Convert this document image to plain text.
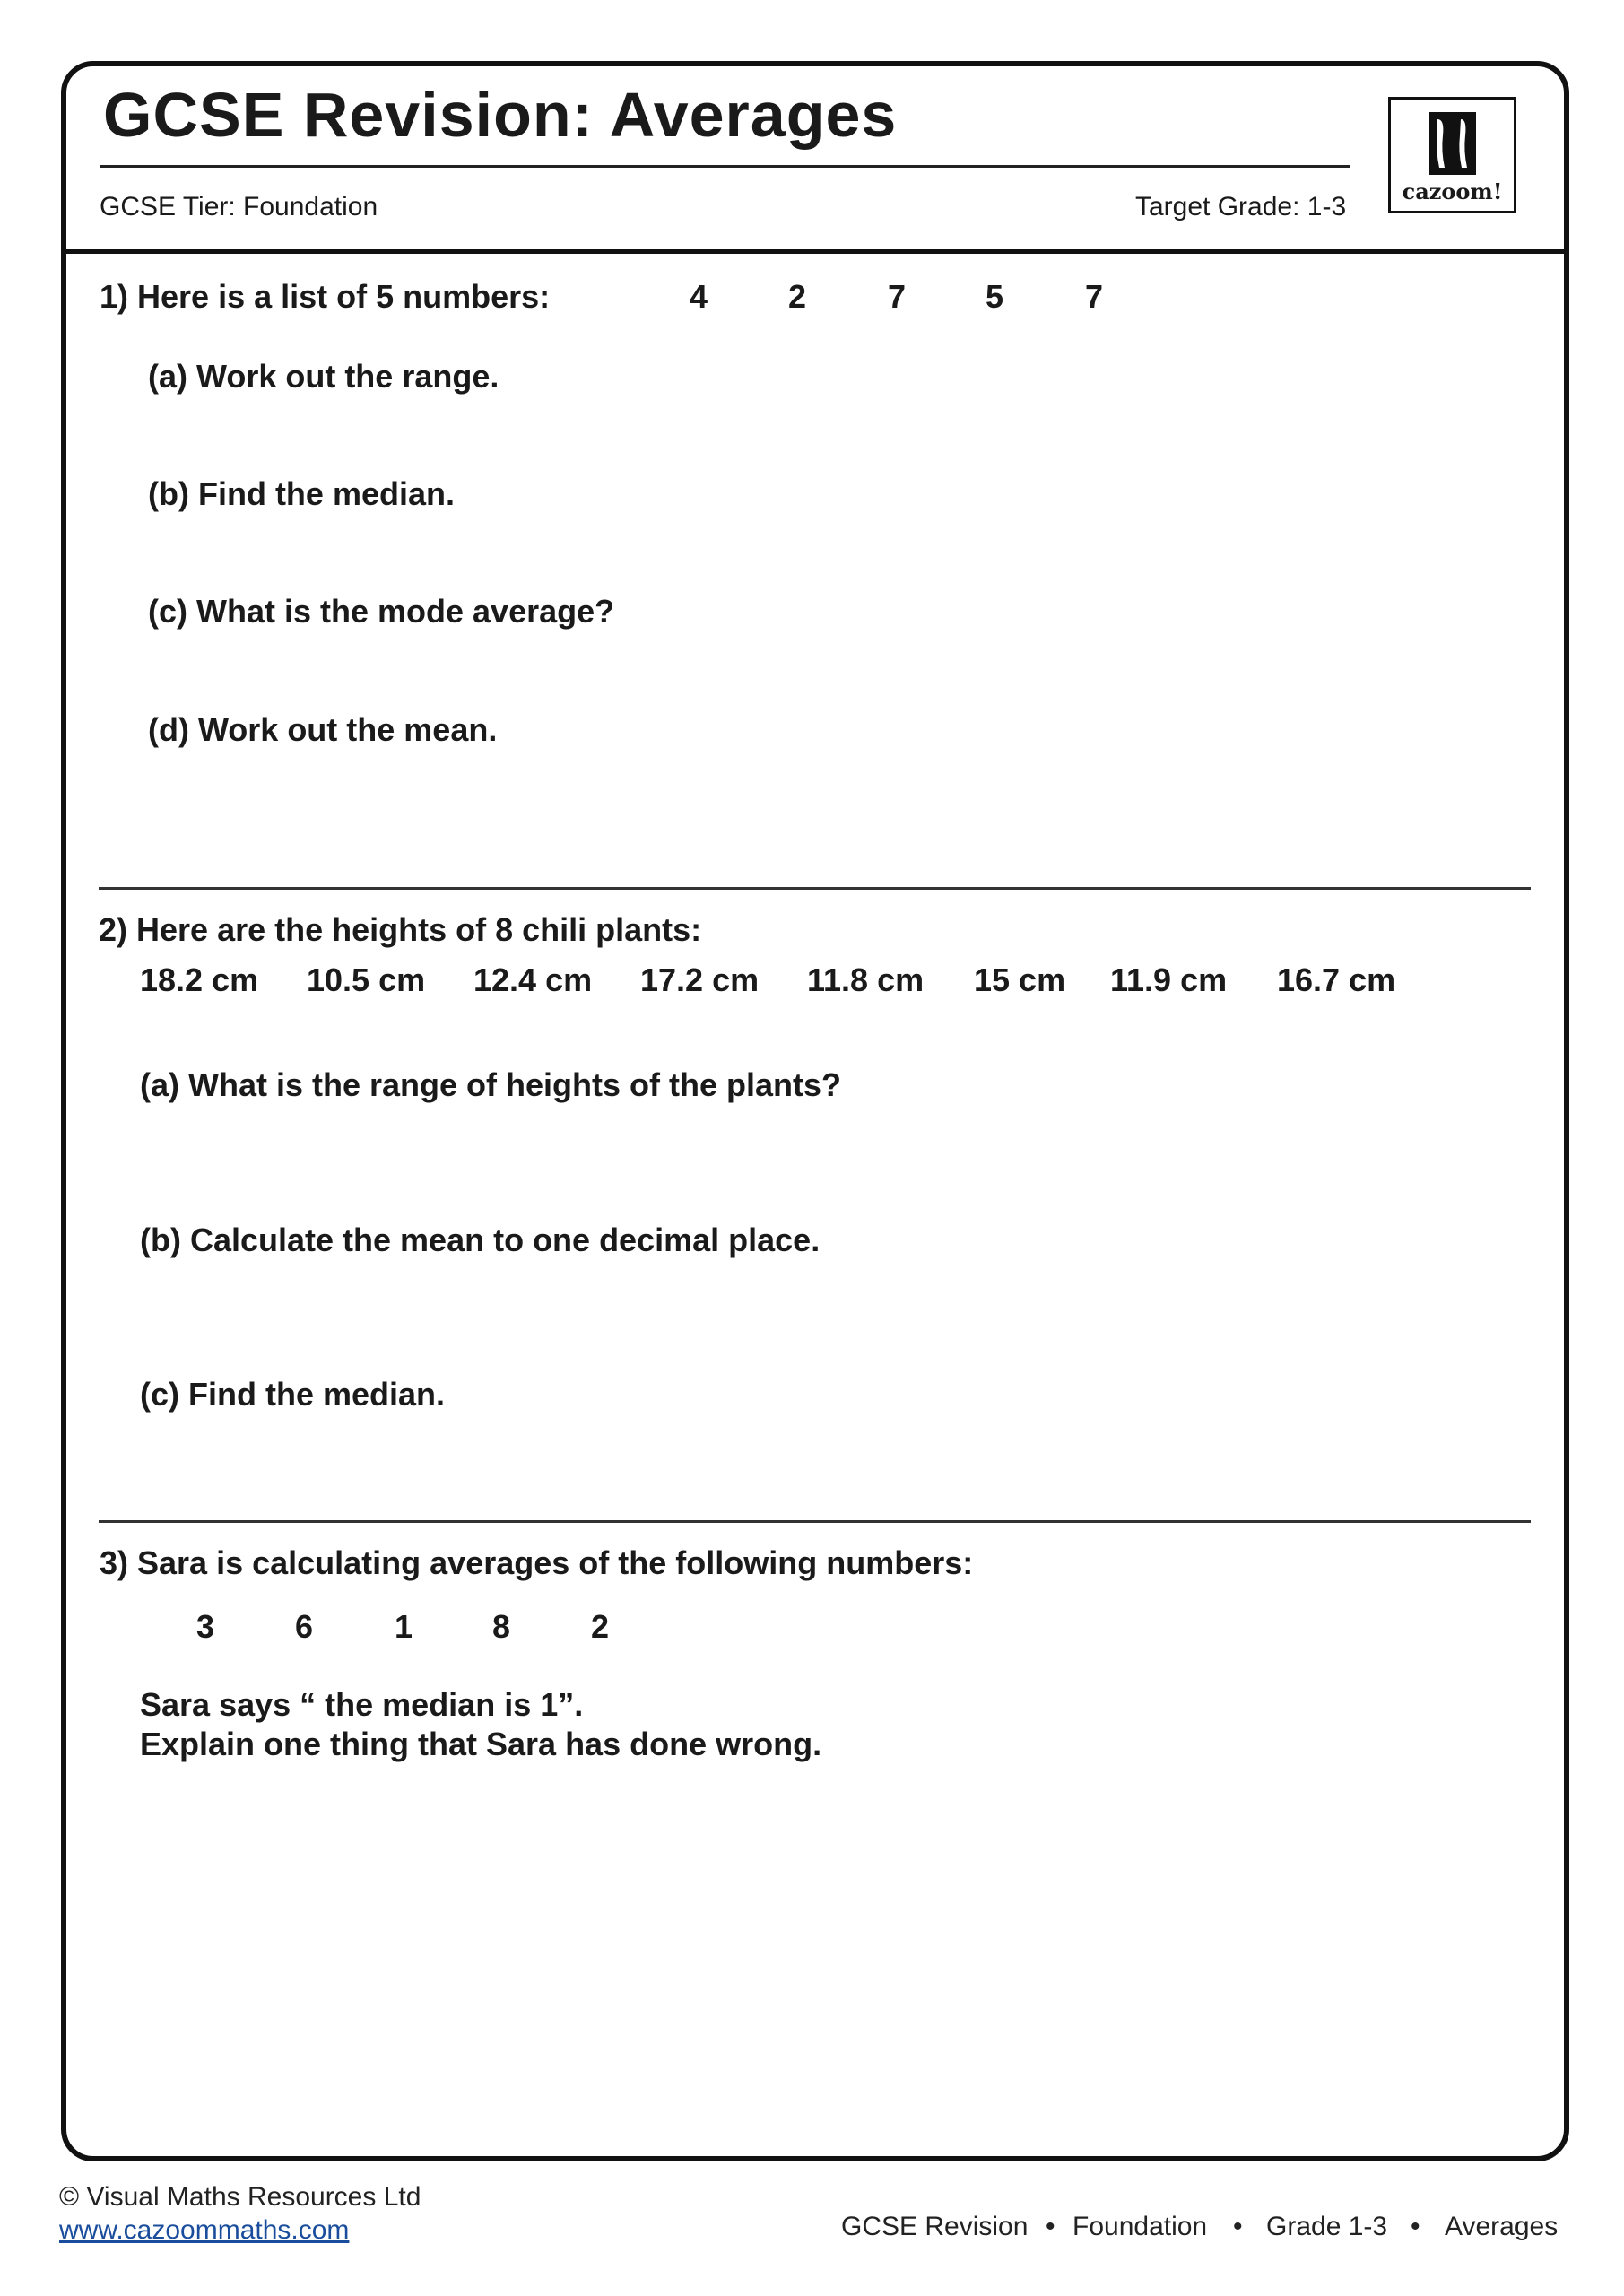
GCSE Revision: Averages
GCSE Tier: Foundation	Target Grade: 1-3
cazoom!
1) Here is a list of 5 numbers:	4 2	7 5	7
(a) Work out the range.
(b) Find the median.
(c) What is the mode average?
(d) Work out the mean.
2) Here are the heights of 8 chili plants:
18.2 cm 10.5 cm 12.4 cm 17.2 cm 11.8 cm 15 cm 11.9 cm 16.7 cm
(a) What is the range of heights of the plants?
(b) Calculate the mean to one decimal place.
(c) Find the median.
3) Sara is calculating averages of the following numbers:
3 6	1 8 2
Sara says “ the median is 1”.
Explain one thing that Sara has done wrong.
© Visual Maths Resources Ltd
www.cazoommaths.com	GCSE Revision • Foundation • Grade 1-3 • Averages
